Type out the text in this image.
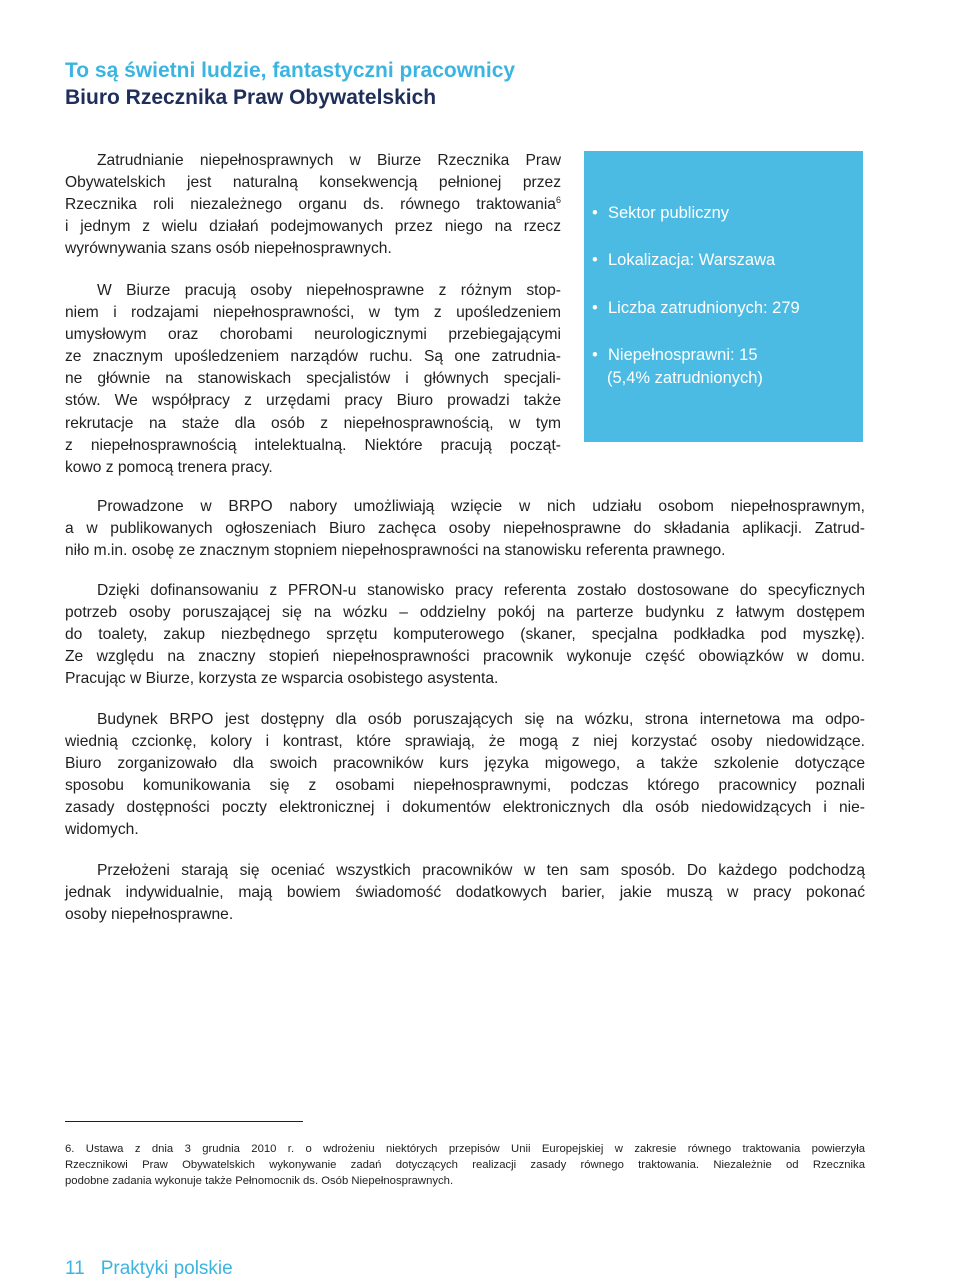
To są świetni ludzie, fantastyczni pracownicy
Biuro Rzecznika Praw Obywatelskich

Zatrudnianie niepełnosprawnych w Biurze Rzecznika Praw
Obywatelskich jest naturalną konsekwencją pełnionej przez
Rzecznika roli niezależnego organu ds. równego traktowania$^6$
i jednym z wielu działań podejmowanych przez niego na rzecz
wyrównywania szans osób niepełnosprawnych.

W Biurze pracują osoby niepełnosprawne z różnym stop-
niem i rodzajami niepełnosprawności, w tym z upośledzeniem
umysłowym oraz chorobami neurologicznymi przebiegającymi
ze znacznym upośledzeniem narządów ruchu. Są one zatrudnia-
ne głównie na stanowiskach specjalistów i głównych specjali-
stów. We współpracy z urzędami pracy Biuro prowadzi także
rekrutacje na staże dla osób z niepełnosprawnością, w tym
z niepełnosprawnością intelektualną. Niektóre pracują począt-
kowo z pomocą trenera pracy.

• Sektor publiczny
• Lokalizacja: Warszawa
• Liczba zatrudnionych: 279
• Niepełnosprawni: 15
(5,4% zatrudnionych)

Prowadzone w BRPO nabory umożliwiają wzięcie w nich udziału osobom niepełnosprawnym,
a w publikowanych ogłoszeniach Biuro zachęca osoby niepełnosprawne do składania aplikacji. Zatrud-
niło m.in. osobę ze znacznym stopniem niepełnosprawności na stanowisku referenta prawnego.

Dzięki dofinansowaniu z PFRON-u stanowisko pracy referenta zostało dostosowane do specyficznych
potrzeb osoby poruszającej się na wózku – oddzielny pokój na parterze budynku z łatwym dostępem
do toalety, zakup niezbędnego sprzętu komputerowego (skaner, specjalna podkładka pod myszkę).
Ze względu na znaczny stopień niepełnosprawności pracownik wykonuje część obowiązków w domu.
Pracując w Biurze, korzysta ze wsparcia osobistego asystenta.

Budynek BRPO jest dostępny dla osób poruszających się na wózku, strona internetowa ma odpo-
wiednią czcionkę, kolory i kontrast, które sprawiają, że mogą z niej korzystać osoby niedowidzące.
Biuro zorganizowało dla swoich pracowników kurs języka migowego, a także szkolenie dotyczące
sposobu komunikowania się z osobami niepełnosprawnymi, podczas którego pracownicy poznali
zasady dostępności poczty elektronicznej i dokumentów elektronicznych dla osób niedowidzących i nie-
widomych.

Przełożeni starają się oceniać wszystkich pracowników w ten sam sposób. Do każdego podchodzą
jednak indywidualnie, mają bowiem świadomość dodatkowych barier, jakie muszą w pracy pokonać
osoby niepełnosprawne.

6. Ustawa z dnia 3 grudnia 2010 r. o wdrożeniu niektórych przepisów Unii Europejskiej w zakresie równego traktowania powierzyła
Rzecznikowi Praw Obywatelskich wykonywanie zadań dotyczących realizacji zasady równego traktowania. Niezależnie od Rzecznika
podobne zadania wykonuje także Pełnomocnik ds. Osób Niepełnosprawnych.

11 Praktyki polskie
